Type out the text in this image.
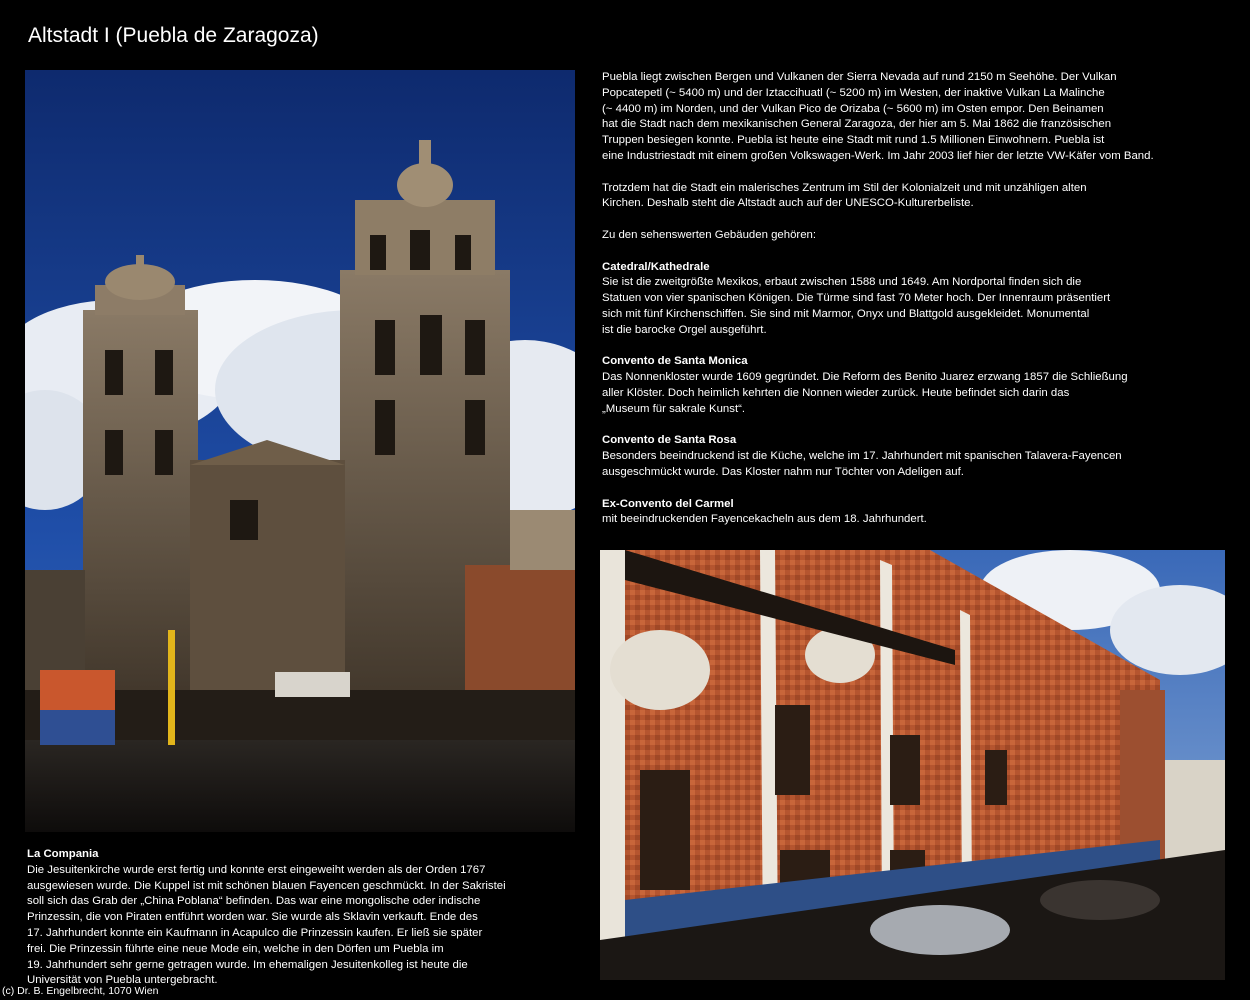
Altstadt I (Puebla de Zaragoza)

Puebla liegt zwischen Bergen und Vulkanen der Sierra Nevada auf rund 2150 m Seehöhe. Der Vulkan

Popcatepetl (~ 5400 m) und der Iztaccihuatl (~ 5200 m) im Westen, der inaktive Vulkan La Malinche

(~ 4400 m) im Norden, und der Vulkan Pico de Orizaba (~ 5600 m) im Osten empor. Den Beinamen

hat die Stadt nach dem mexikanischen General Zaragoza, der hier am 5. Mai 1862 die französischen

Truppen besiegen konnte. Puebla ist heute eine Stadt mit rund 1.5 Millionen Einwohnern. Puebla ist

eine Industriestadt mit einem großen Volkswagen-Werk. Im Jahr 2003 lief hier der letzte VW-Käfer vom Band.

Trotzdem hat die Stadt ein malerisches Zentrum im Stil der Kolonialzeit und mit unzähligen alten

Kirchen. Deshalb steht die Altstadt auch auf der UNESCO-Kulturerbeliste.

Zu den sehenswerten Gebäuden gehören:

Catedral/Kathedrale

Sie ist die zweitgrößte Mexikos, erbaut zwischen 1588 und 1649. Am Nordportal finden sich die

Statuen von vier spanischen Königen. Die Türme sind fast 70 Meter hoch. Der Innenraum präsentiert

sich mit fünf Kirchenschiffen. Sie sind mit Marmor, Onyx und Blattgold ausgekleidet. Monumental

ist die barocke Orgel ausgeführt.

Convento de Santa Monica

Das Nonnenkloster wurde 1609 gegründet. Die Reform des Benito Juarez erzwang 1857 die Schließung

aller Klöster. Doch heimlich kehrten die Nonnen wieder zurück. Heute befindet sich darin das

„Museum für sakrale Kunst“.

Convento de Santa Rosa

Besonders beeindruckend ist die Küche, welche im 17. Jahrhundert mit spanischen Talavera-Fayencen

ausgeschmückt wurde. Das Kloster nahm nur Töchter von Adeligen auf.

Ex-Convento del Carmel

mit beeindruckenden Fayencekacheln aus dem 18. Jahrhundert.

La Compania

Die Jesuitenkirche wurde erst fertig und konnte erst eingeweiht werden als der Orden 1767

ausgewiesen wurde. Die Kuppel ist mit schönen blauen Fayencen geschmückt. In der Sakristei

soll sich das Grab der „China Poblana“ befinden. Das war eine mongolische oder indische

Prinzessin, die von Piraten entführt worden war. Sie wurde als Sklavin verkauft. Ende des

17. Jahrhundert konnte ein Kaufmann in Acapulco die Prinzessin kaufen. Er ließ sie später

frei. Die Prinzessin führte eine neue Mode ein, welche in den Dörfen um Puebla im

19. Jahrhundert sehr gerne getragen wurde. Im ehemaligen Jesuitenkolleg ist heute die

Universität von Puebla untergebracht.

(c) Dr. B. Engelbrecht, 1070 Wien
